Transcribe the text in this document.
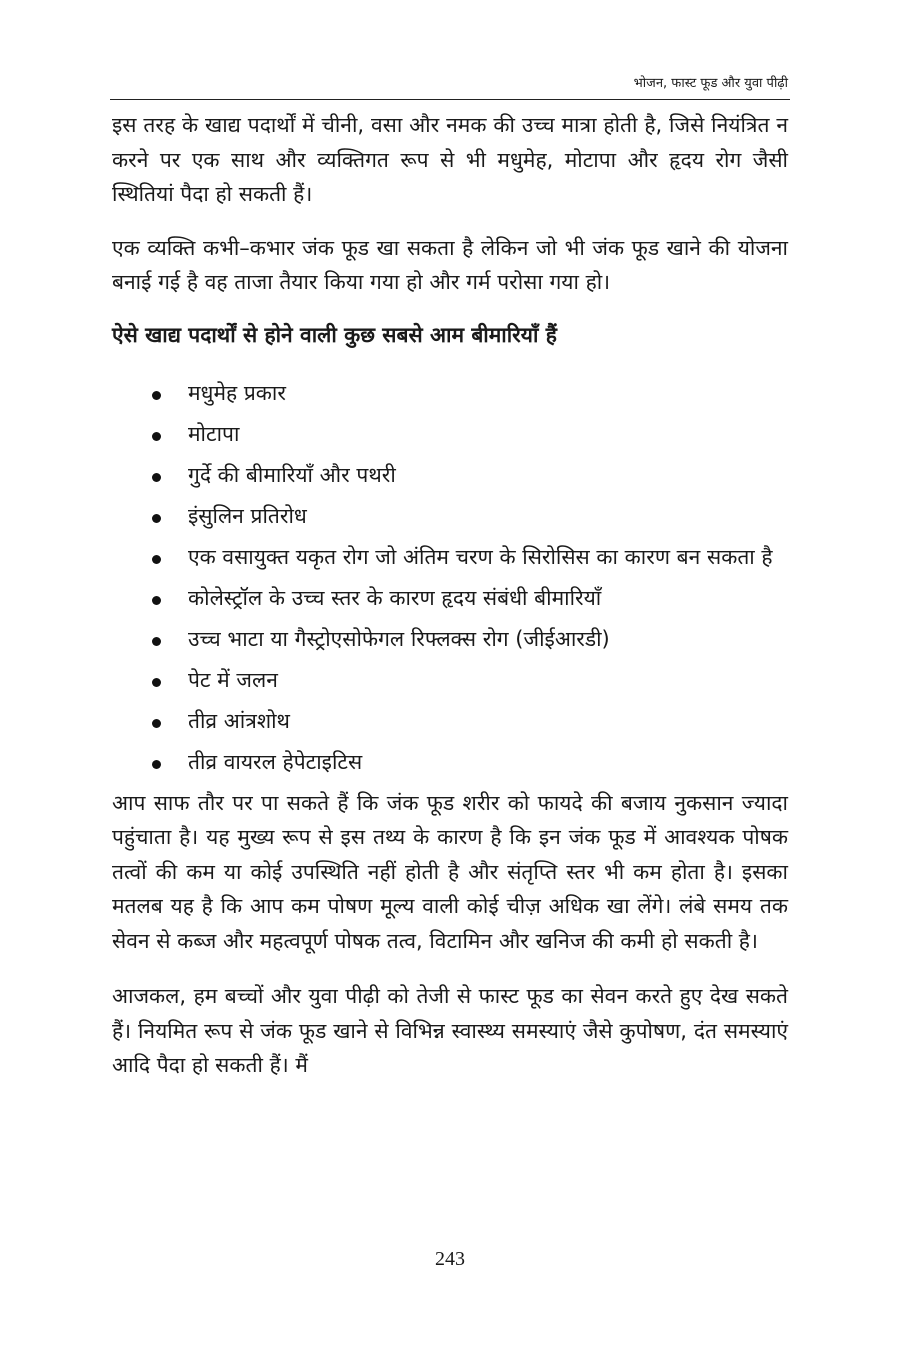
भोजन, फास्ट फूड और युवा पीढ़ी

इस तरह के खाद्य पदार्थों में चीनी, वसा और नमक की उच्च मात्रा होती है, जिसे नियंत्रित न करने पर एक साथ और व्यक्तिगत रूप से भी मधुमेह, मोटापा और हृदय रोग जैसी स्थितियां पैदा हो सकती हैं।

एक व्यक्ति कभी–कभार जंक फूड खा सकता है लेकिन जो भी जंक फूड खाने की योजना बनाई गई है वह ताजा तैयार किया गया हो और गर्म परोसा गया हो।

ऐसे खाद्य पदार्थों से होने वाली कुछ सबसे आम बीमारियाँ हैं
मधुमेह प्रकार
मोटापा
गुर्दे की बीमारियाँ और पथरी
इंसुलिन प्रतिरोध
एक वसायुक्त यकृत रोग जो अंतिम चरण के सिरोसिस का कारण बन सकता है
कोलेस्ट्रॉल के उच्च स्तर के कारण हृदय संबंधी बीमारियाँ
उच्च भाटा या गैस्ट्रोएसोफेगल रिफ्लक्स रोग (जीईआरडी)
पेट में जलन
तीव्र आंत्रशोथ
तीव्र वायरल हेपेटाइटिस

आप साफ तौर पर पा सकते हैं कि जंक फूड शरीर को फायदे की बजाय नुकसान ज्यादा पहुंचाता है। यह मुख्य रूप से इस तथ्य के कारण है कि इन जंक फूड में आवश्यक पोषक तत्वों की कम या कोई उपस्थिति नहीं होती है और संतृप्ति स्तर भी कम होता है। इसका मतलब यह है कि आप कम पोषण मूल्य वाली कोई चीज़ अधिक खा लेंगे। लंबे समय तक सेवन से कब्ज और महत्वपूर्ण पोषक तत्व, विटामिन और खनिज की कमी हो सकती है।

आजकल, हम बच्चों और युवा पीढ़ी को तेजी से फास्ट फूड का सेवन करते हुए देख सकते हैं। नियमित रूप से जंक फूड खाने से विभिन्न स्वास्थ्य समस्याएं जैसे कुपोषण, दंत समस्याएं आदि पैदा हो सकती हैं। मैं

243
